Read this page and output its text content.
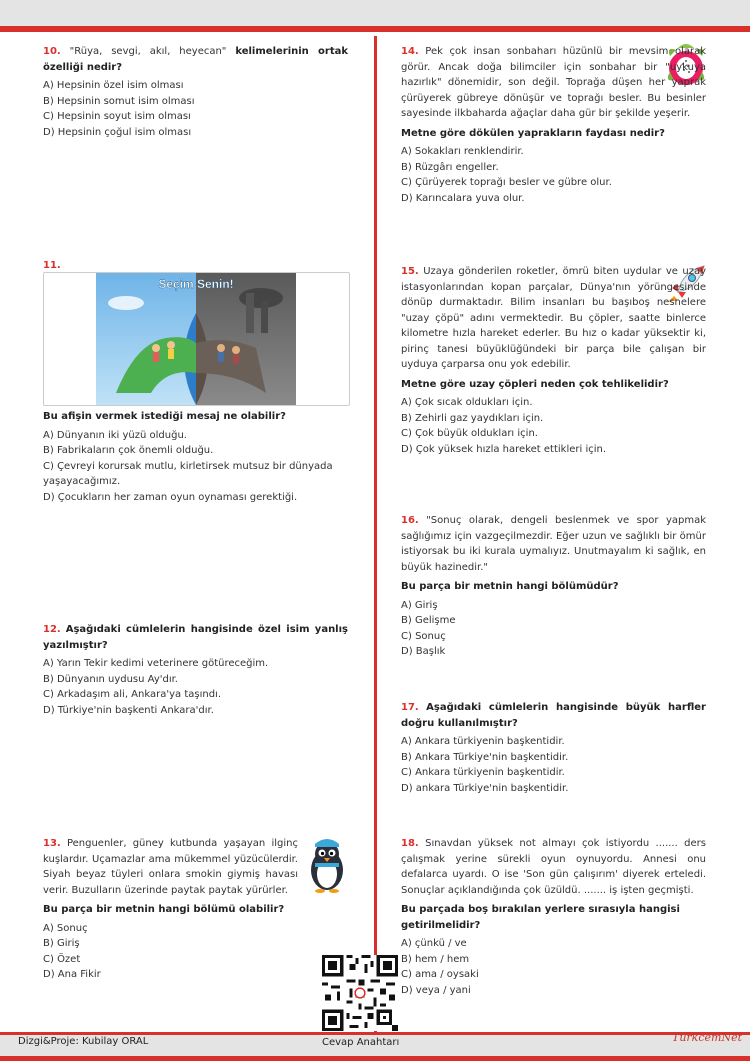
10. "Rüya, sevgi, akıl, heyecan" kelimelerinin ortak özelliği nedir?

A) Hepsinin özel isim olması

B) Hepsinin somut isim olması

C) Hepsinin soyut isim olması

D) Hepsinin çoğul isim olması

11.
Seçim Senin!
Bu afişin vermek istediği mesaj ne olabilir?

A) Dünyanın iki yüzü olduğu.

B) Fabrikaların çok önemli olduğu.

C) Çevreyi korursak mutlu, kirletirsek mutsuz bir dünyada yaşayacağımız.

D) Çocukların her zaman oyun oynaması gerektiği.

12. Aşağıdaki cümlelerin hangisinde özel isim yanlış yazılmıştır?

A) Yarın Tekir kedimi veterinere götüreceğim.

B) Dünyanın uydusu Ay'dır.

C) Arkadaşım ali, Ankara'ya taşındı.

D) Türkiye'nin başkenti Ankara'dır.

13. Penguenler, güney kutbunda yaşayan ilginç kuşlardır. Uçamazlar ama mükemmel yüzücülerdir. Siyah beyaz tüyleri onlara smokin giymiş havası verir. Buzulların üzerinde paytak paytak yürürler.
Bu parça bir metnin hangi bölümü olabilir?

A) Sonuç

B) Giriş

C) Özet

D) Ana Fikir

14. Pek çok insan sonbaharı hüzünlü bir mevsim olarak görür. Ancak doğa bilimciler için sonbahar bir "uykuya hazırlık" dönemidir, son değil. Toprağa düşen her yaprak çürüyerek gübreye dönüşür ve toprağı besler. Bu besinler sayesinde ilkbaharda ağaçlar daha gür bir şekilde yeşerir.
Metne göre dökülen yaprakların faydası nedir?

A) Sokakları renklendirir.

B) Rüzgârı engeller.

C) Çürüyerek toprağı besler ve gübre olur.

D) Karıncalara yuva olur.

15. Uzaya gönderilen roketler, ömrü biten uydular ve uzay istasyonlarından kopan parçalar, Dünya'nın yörüngesinde dönüp durmaktadır. Bilim insanları bu başıboş nesnelere "uzay çöpü" adını vermektedir. Bu çöpler, saatte binlerce kilometre hızla hareket ederler. Bu hız o kadar yüksektir ki, pirinç tanesi büyüklüğündeki bir parça bile çalışan bir uyduya çarparsa onu yok edebilir.
Metne göre uzay çöpleri neden çok tehlikelidir?

A) Çok sıcak oldukları için.

B) Zehirli gaz yaydıkları için.

C) Çok büyük oldukları için.

D) Çok yüksek hızla hareket ettikleri için.

16. "Sonuç olarak, dengeli beslenmek ve spor yapmak sağlığımız için vazgeçilmezdir. Eğer uzun ve sağlıklı bir ömür istiyorsak bu iki kurala uymalıyız. Unutmayalım ki sağlık, en büyük hazinedir."
Bu parça bir metnin hangi bölümüdür?

A) Giriş

B) Gelişme

C) Sonuç

D) Başlık

17. Aşağıdaki cümlelerin hangisinde büyük harfler doğru kullanılmıştır?

A) Ankara türkiyenin başkentidir.

B) Ankara Türkiye'nin başkentidir.

C) Ankara türkiyenin başkentidir.

D) ankara Türkiye'nin başkentidir.

18. Sınavdan yüksek not almayı çok istiyordu ....... ders çalışmak yerine sürekli oyun oynuyordu. Annesi onu defalarca uyardı. O ise 'Son gün çalışırım' diyerek erteledi. Sonuçlar açıklandığında çok üzüldü. ....... iş işten geçmişti.
Bu parçada boş bırakılan yerlere sırasıyla hangisi getirilmelidir?

A) çünkü / ve

B) hem / hem

C) ama / oysaki

D) veya / yani

Dizgi&Proje: Kubilay ORAL	Cevap Anahtarı	TurkcemNet
